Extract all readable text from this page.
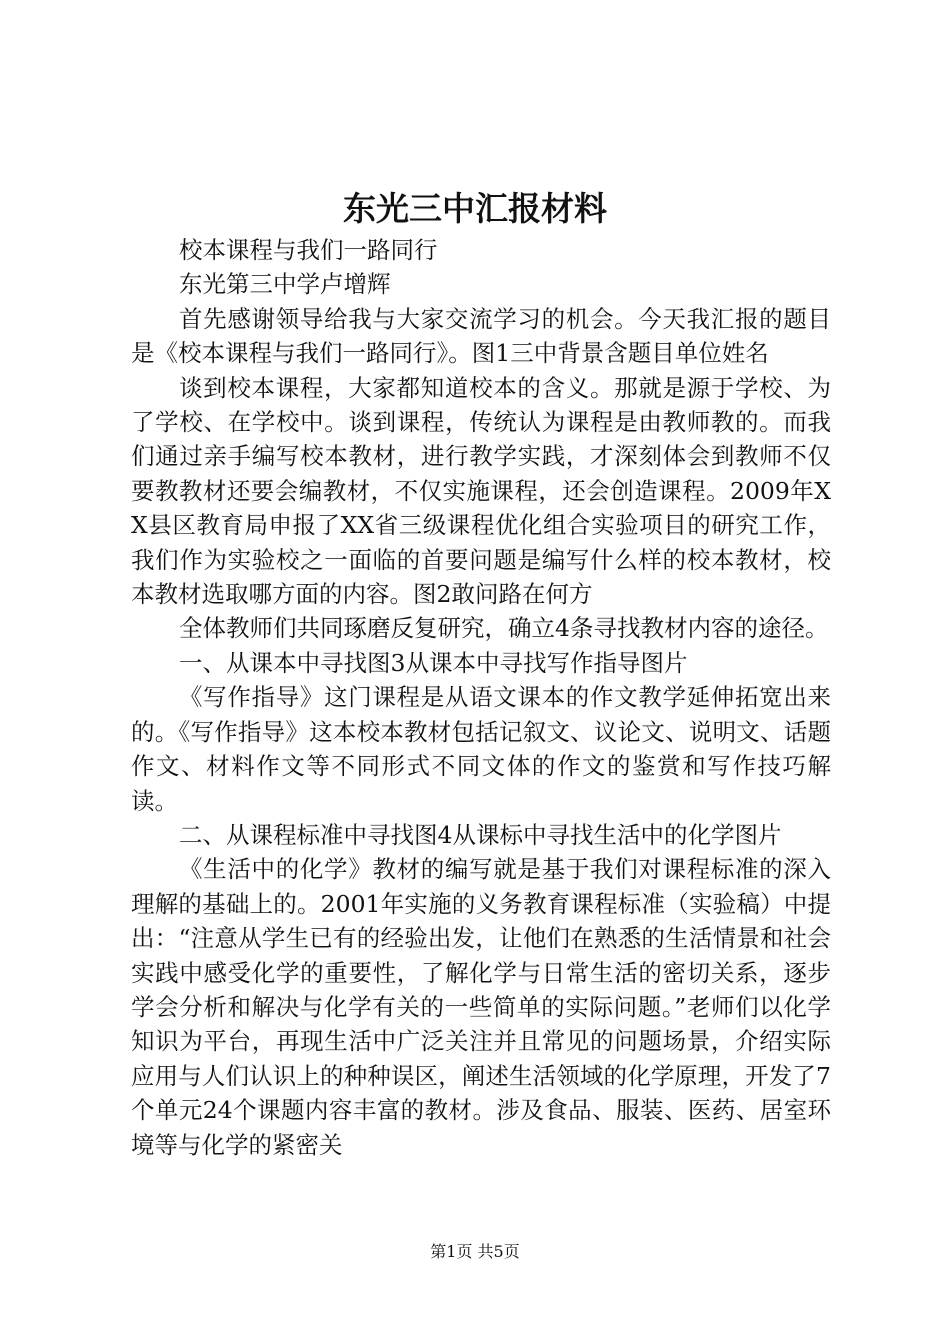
东光三中汇报材料

校本课程与我们一路同行

东光第三中学卢增辉

首先感谢领导给我与大家交流学习的机会。今天我汇报的题目是《校本课程与我们一路同行》。图1三中背景含题目单位姓名

谈到校本课程，大家都知道校本的含义。那就是源于学校、为了学校、在学校中。谈到课程，传统认为课程是由教师教的。而我们通过亲手编写校本教材，进行教学实践，才深刻体会到教师不仅要教教材还要会编教材，不仅实施课程，还会创造课程。2009年XX县区教育局申报了XX省三级课程优化组合实验项目的研究工作，我们作为实验校之一面临的首要问题是编写什么样的校本教材，校本教材选取哪方面的内容。图2敢问路在何方

全体教师们共同琢磨反复研究，确立4条寻找教材内容的途径。

一、从课本中寻找图3从课本中寻找写作指导图片

《写作指导》这门课程是从语文课本的作文教学延伸拓宽出来的。《写作指导》这本校本教材包括记叙文、议论文、说明文、话题作文、材料作文等不同形式不同文体的作文的鉴赏和写作技巧解读。

二、从课程标准中寻找图4从课标中寻找生活中的化学图片

《生活中的化学》教材的编写就是基于我们对课程标准的深入理解的基础上的。2001年实施的义务教育课程标准（实验稿）中提出：“注意从学生已有的经验出发，让他们在熟悉的生活情景和社会实践中感受化学的重要性，了解化学与日常生活的密切关系，逐步学会分析和解决与化学有关的一些简单的实际问题。”老师们以化学知识为平台，再现生活中广泛关注并且常见的问题场景，介绍实际应用与人们认识上的种种误区，阐述生活领域的化学原理，开发了7个单元24个课题内容丰富的教材。涉及食品、服装、医药、居室环境等与化学的紧密关

第1页 共5页
